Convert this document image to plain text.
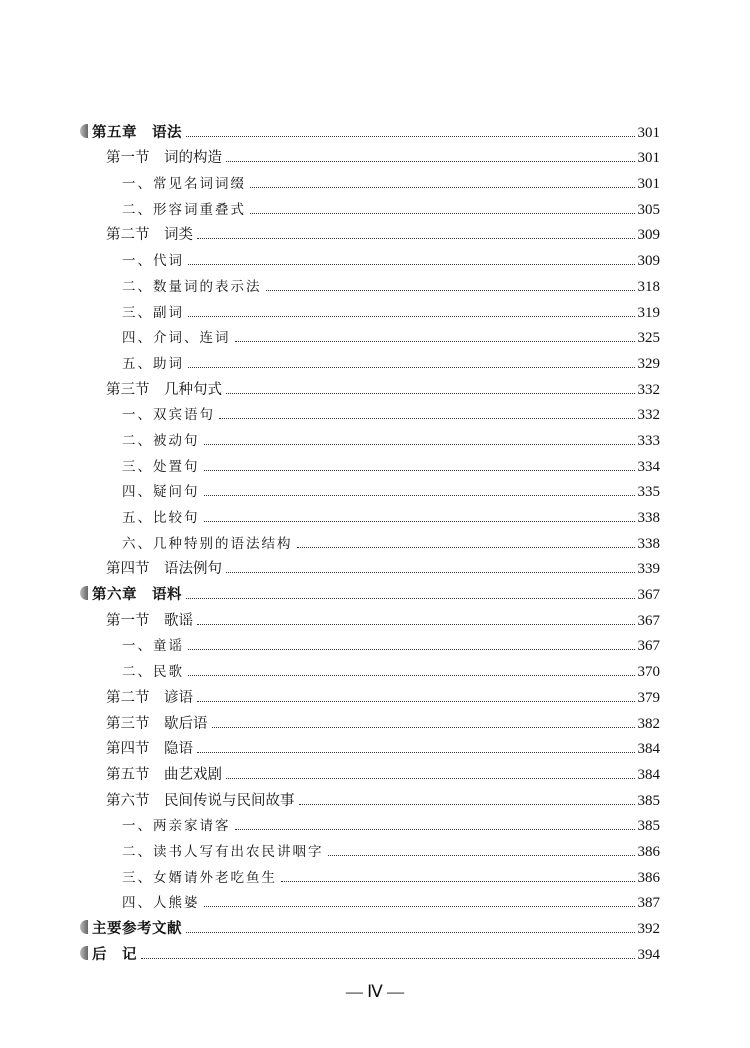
第五章　语法	301
第一节　词的构造	301
一、常见名词词缀	301
二、形容词重叠式	305
第二节　词类	309
一、代词	309
二、数量词的表示法	318
三、副词	319
四、介词、连词	325
五、助词	329
第三节　几种句式	332
一、双宾语句	332
二、被动句	333
三、处置句	334
四、疑问句	335
五、比较句	338
六、几种特别的语法结构	338
第四节　语法例句	339
第六章　语料	367
第一节　歌谣	367
一、童谣	367
二、民歌	370
第二节　谚语	379
第三节　歇后语	382
第四节　隐语	384
第五节　曲艺戏剧	384
第六节　民间传说与民间故事	385
一、两亲家请客	385
二、读书人写有出农民讲咽字	386
三、女婿请外老吃鱼生	386
四、人熊婆	387
主要参考文献	392
后　记	394
— Ⅳ —
